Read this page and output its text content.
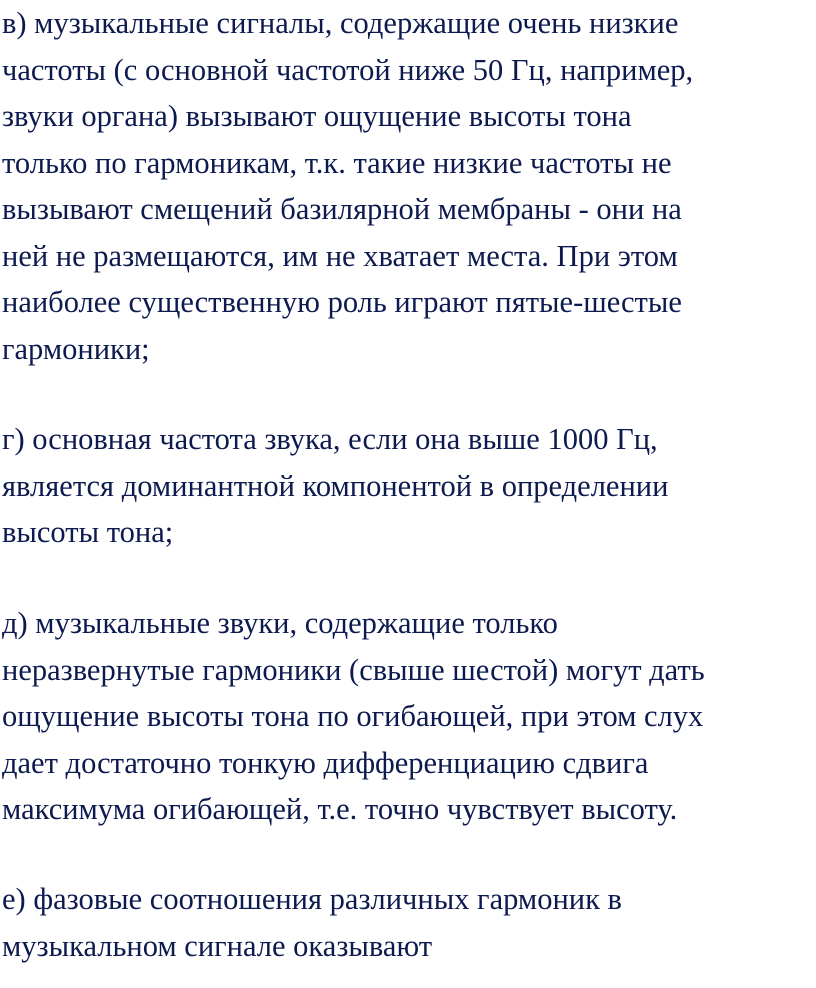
в) музыкальные сигналы, содержащие очень низкие
частоты (с основной частотой ниже 50 Гц, например,
звуки органа) вызывают ощущение высоты тона
только по гармоникам, т.к. такие низкие частоты не
вызывают смещений базилярной мембраны - они на
ней не размещаются, им не хватает места. При этом
наиболее существенную роль играют пятые-шестые
гармоники;
г) основная частота звука, если она выше 1000 Гц,
является доминантной компонентой в определении
высоты тона;
д) музыкальные звуки, содержащие только
неразвернутые гармоники (свыше шестой) могут дать
ощущение высоты тона по огибающей, при этом слух
дает достаточно тонкую дифференциацию сдвига
максимума огибающей, т.е. точно чувствует высоту.
е) фазовые соотношения различных гармоник в
музыкальном сигнале оказывают
